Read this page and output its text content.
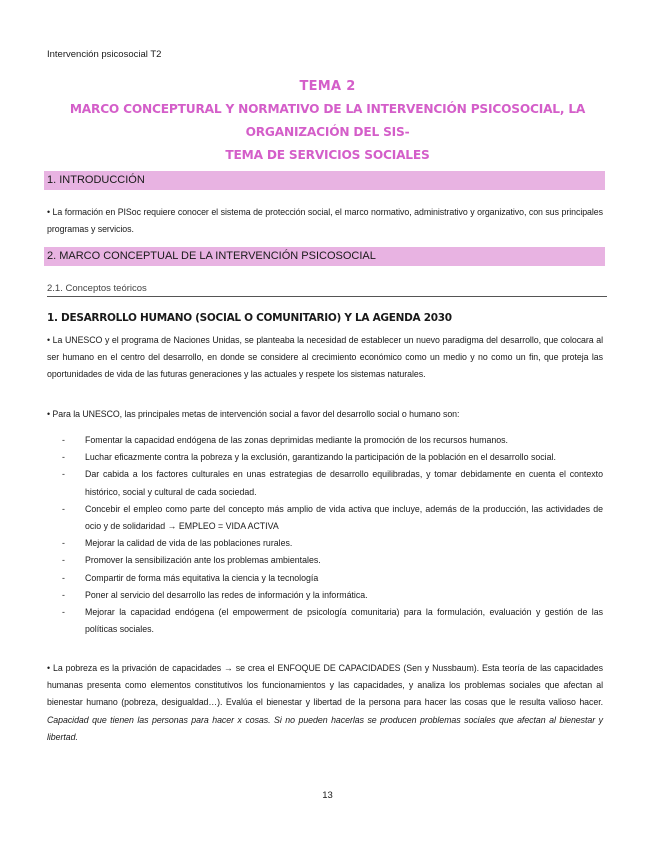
Intervención psicosocial T2
TEMA 2
MARCO CONCEPTURAL Y NORMATIVO DE LA INTERVENCIÓN PSICOSOCIAL, LA ORGANIZACIÓN DEL SIS-
TEMA DE SERVICIOS SOCIALES
1. INTRODUCCIÓN
• La formación en PISoc requiere conocer el sistema de protección social, el marco normativo, administrativo y organizativo, con sus principales programas y servicios.
2. MARCO CONCEPTUAL DE LA INTERVENCIÓN PSICOSOCIAL
2.1. Conceptos teóricos
1. DESARROLLO HUMANO (SOCIAL O COMUNITARIO) Y LA AGENDA 2030
• La UNESCO y el programa de Naciones Unidas, se planteaba la necesidad de establecer un nuevo paradigma del desarrollo, que colocara al ser humano en el centro del desarrollo, en donde se considere al crecimiento económico como un medio y no como un fin, que proteja las oportunidades de vida de las futuras generaciones y las actuales y respete los sistemas naturales.
• Para la UNESCO, las principales metas de intervención social a favor del desarrollo social o humano son:
- Fomentar la capacidad endógena de las zonas deprimidas mediante la promoción de los recursos humanos.
- Luchar eficazmente contra la pobreza y la exclusión, garantizando la participación de la población en el desarrollo social.
- Dar cabida a los factores culturales en unas estrategias de desarrollo equilibradas, y tomar debidamente en cuenta el contexto histórico, social y cultural de cada sociedad.
- Concebir el empleo como parte del concepto más amplio de vida activa que incluye, además de la producción, las actividades de ocio y de solidaridad → EMPLEO = VIDA ACTIVA
- Mejorar la calidad de vida de las poblaciones rurales.
- Promover la sensibilización ante los problemas ambientales.
- Compartir de forma más equitativa la ciencia y la tecnología
- Poner al servicio del desarrollo las redes de información y la informática.
- Mejorar la capacidad endógena (el empowerment de psicología comunitaria) para la formulación, evaluación y gestión de las políticas sociales.
• La pobreza es la privación de capacidades → se crea el ENFOQUE DE CAPACIDADES (Sen y Nussbaum). Esta teoría de las capacidades humanas presenta como elementos constitutivos los funcionamientos y las capacidades, y analiza los problemas sociales que afectan al bienestar humano (pobreza, desigualdad…). Evalúa el bienestar y libertad de la persona para hacer las cosas que le resulta valioso hacer. Capacidad que tienen las personas para hacer x cosas. Si no pueden hacerlas se producen problemas sociales que afectan al bienestar y libertad.
13
